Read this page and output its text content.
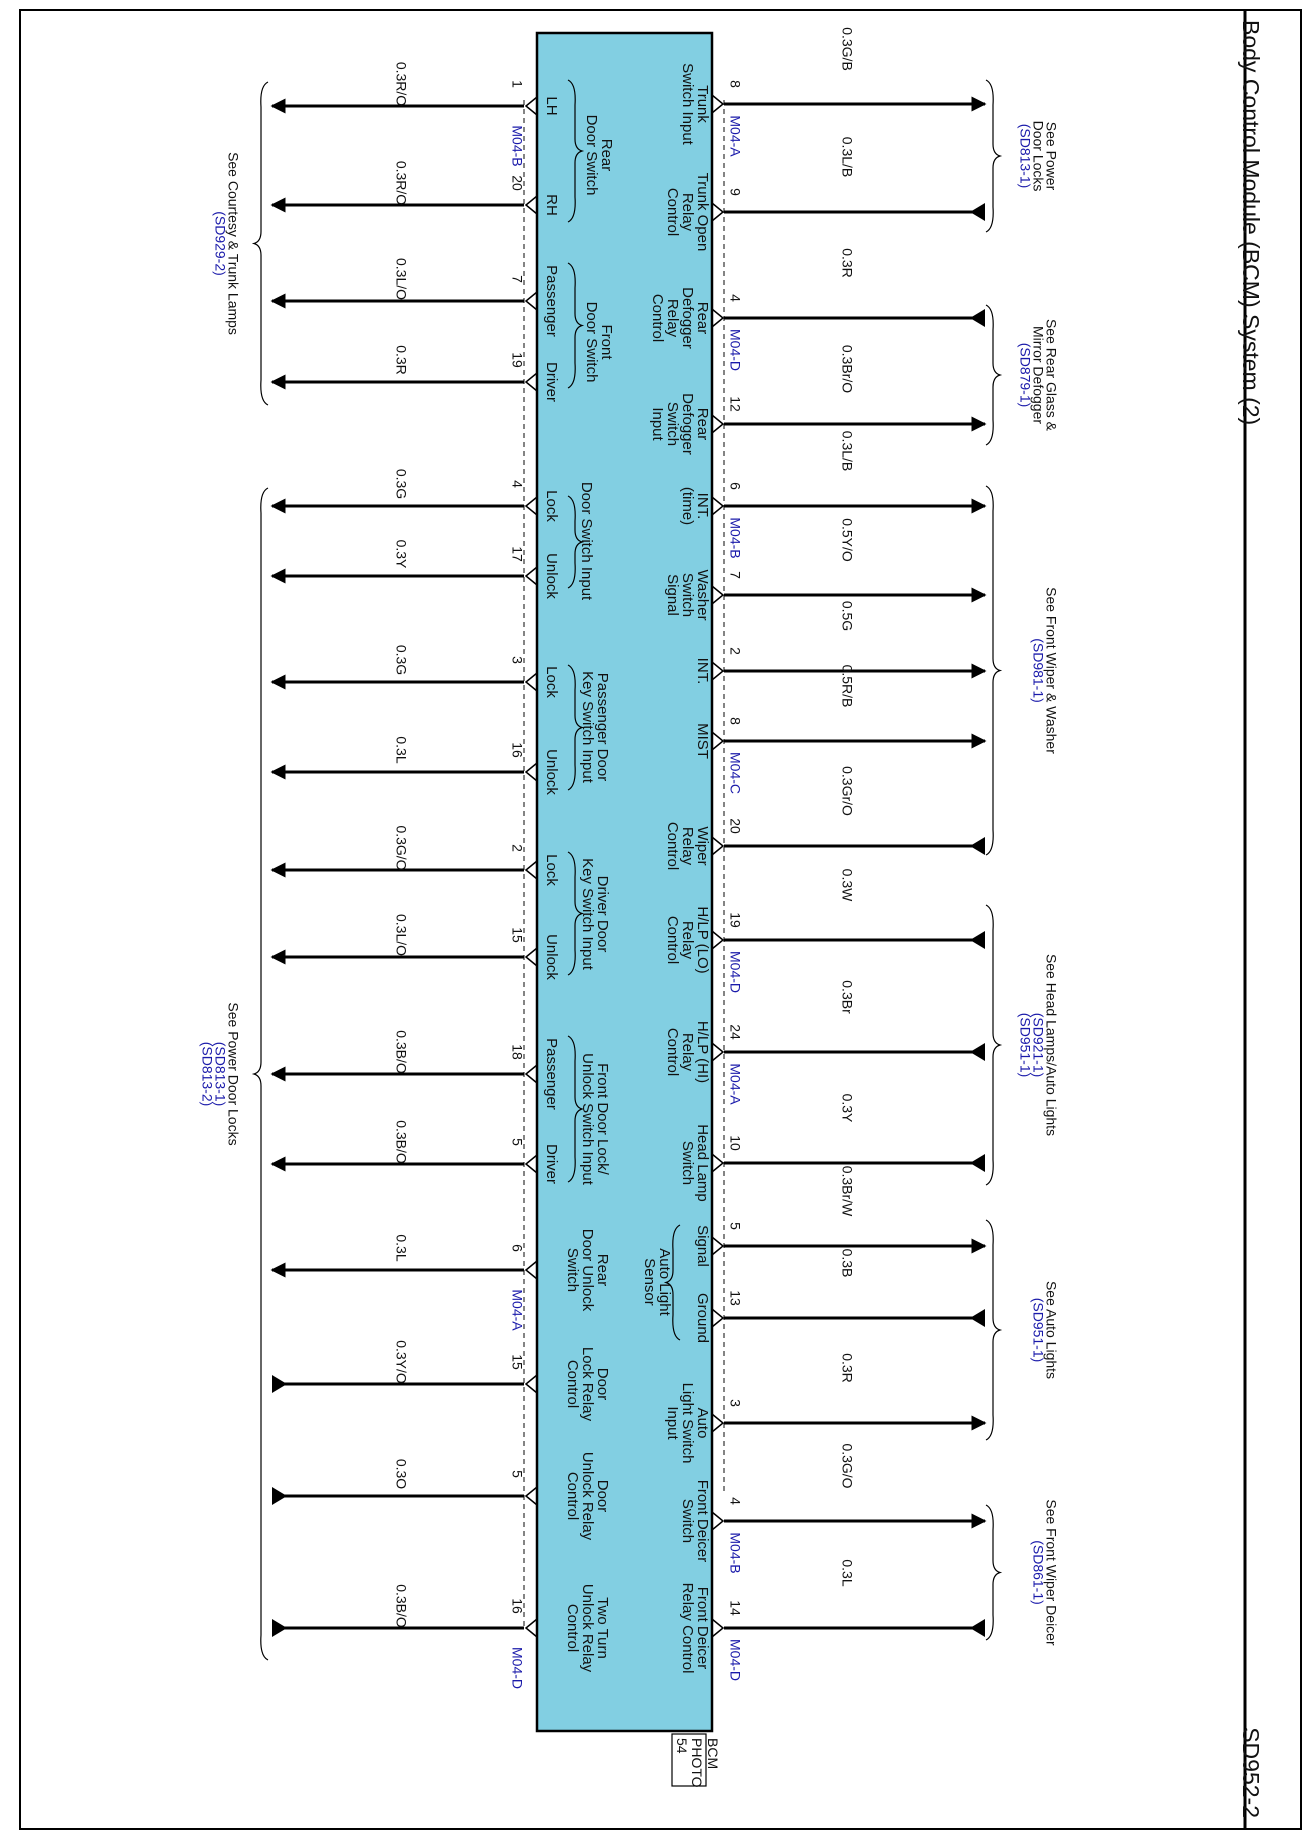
Body Control Module (BCM) System (2)
SD952-2
BCM
PHOTO
54
1
0.3R/O
M04-B
LH
20
0.3R/O	RH
7
0.3L/O	Passenger
19
0.3R
Driver
4
0.3G
Lock
17
0.3Y	Unlock
3
0.3G
Lock
16
0.3L	Unlock
2
0.3G/O	Lock
15
0.3L/O	Unlock
18
0.3B/O	Passenger
5
0.3B/O
Driver
6
0.3L
M04-A
15
0.3Y/O
5
0.3O
16
0.3B/O
M04-D
Rear
Door Switch
Front
Door Switch
Door Switch Input
Passenger Door
Key Switch Input
Driver Door
Key Switch Input
Front Door Lock/
Unlock Switch Input
Rear
Door Unlock
Switch
Door
Lock Relay
Control
Door
Unlock Relay
Control
Two Turn
Unlock Relay
Control
8
0.3G/B
M04-A
Trunk
Switch Input
9
0.3L/B
Trunk Open
Relay
Control
4
0.3R
M04-D
Rear
Defogger
Relay
Control
12
0.3Br/O
Rear
Defogger
Switch
Input
6
0.3L/B
M04-B
INT.
(time)
7
0.5Y/O
Washer
Switch
Signal
2
0.5G
INT.
8
0.5R/B
M04-C
MIST
20
0.3Gr/O
Wiper
Relay
Control
19
0.3W
M04-D
H/LP (LO)
Relay
Control
24
0.3Br
M04-A
H/LP (HI)
Relay
Control
10
0.3Y
Head Lamp
Switch
5
0.3Br/W
Signal
13
0.3B
Ground
3
0.3R
Auto
Light Switch
Input
4
0.3G/O
M04-B
Front Deicer
Switch
14
0.3L
M04-D
Front Deicer
Relay Control
Auto Light
Sensor
See Power
Door Locks
(SD813-1)
See Rear Glass &
Mirror Defogger
(SD879-1)
See Front Wiper & Washer
(SD981-1)
See Head Lamps/Auto Lights
(SD921-1)
(SD951-1)
See Auto Lights
(SD951-1)
See Front Wiper Deicer
(SD861-1)
See Courtesy & Trunk Lamps
(SD929-2)
See Power Door Locks
(SD813-1)
(SD813-2)
